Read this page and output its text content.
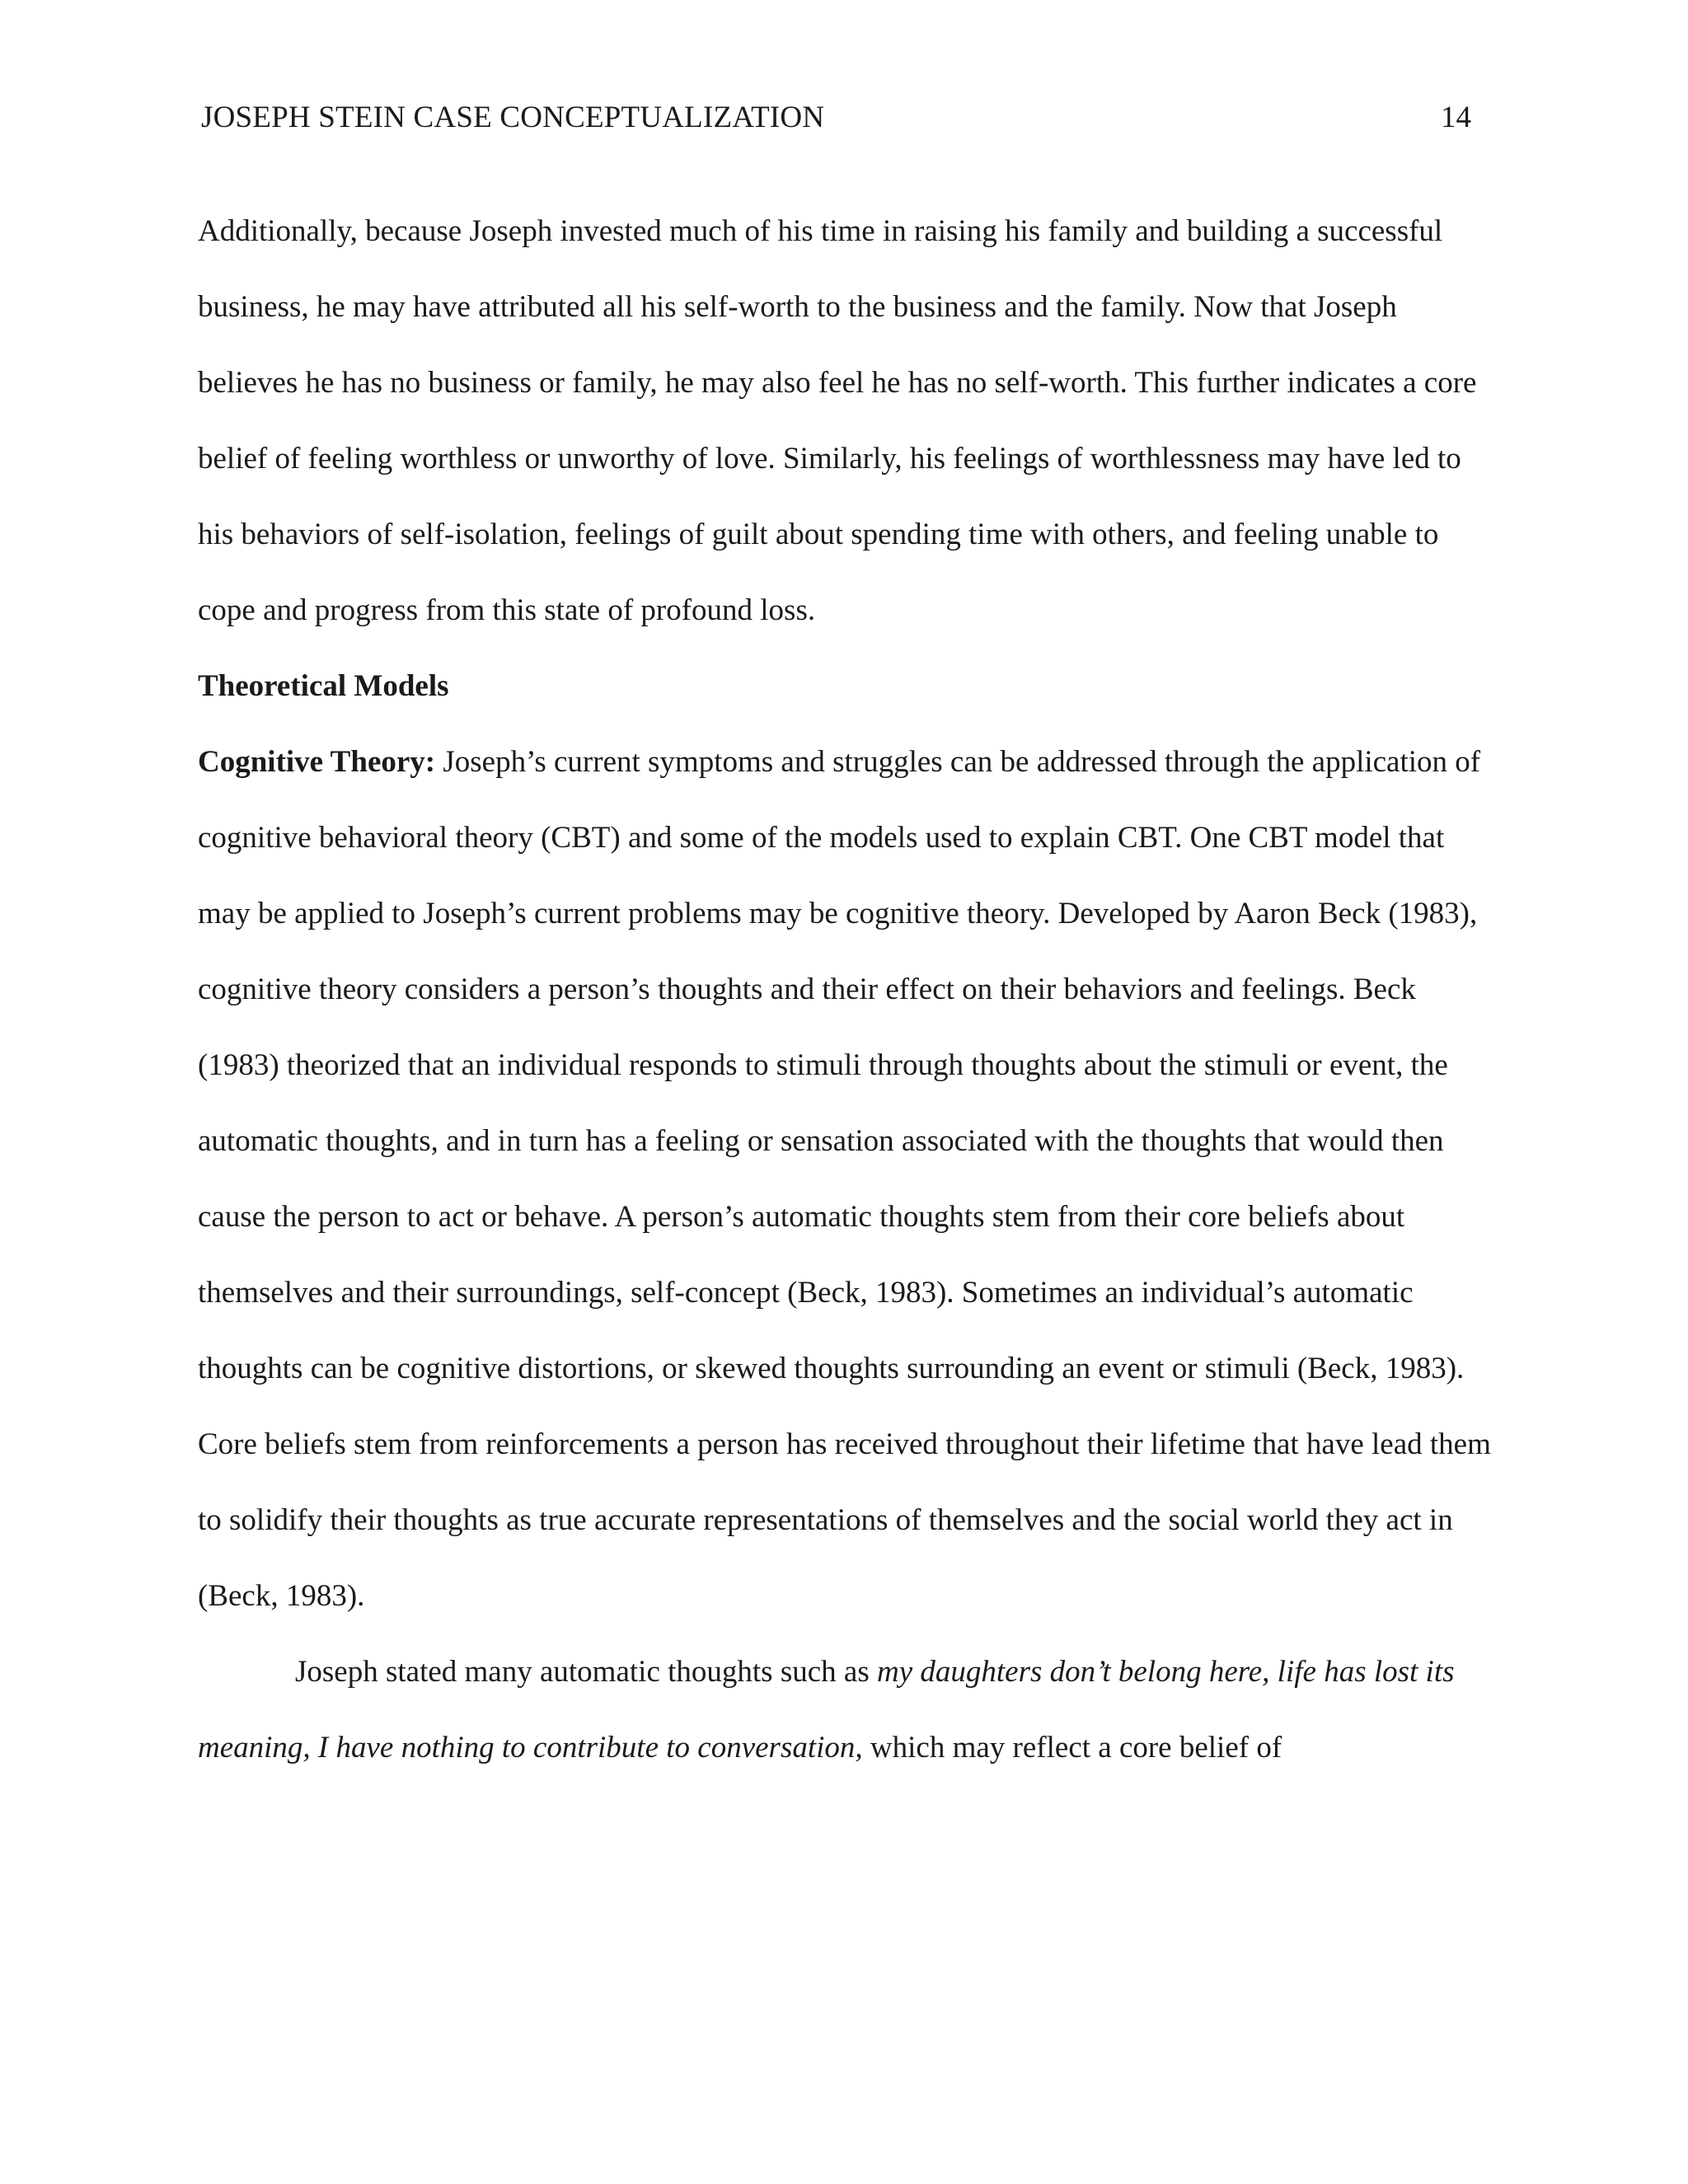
JOSEPH STEIN CASE CONCEPTUALIZATION	14

Additionally, because Joseph invested much of his time in raising his family and building a successful business, he may have attributed all his self-worth to the business and the family. Now that Joseph believes he has no business or family, he may also feel he has no self-worth. This further indicates a core belief of feeling worthless or unworthy of love. Similarly, his feelings of worthlessness may have led to his behaviors of self-isolation, feelings of guilt about spending time with others, and feeling unable to cope and progress from this state of profound loss.

Theoretical Models

Cognitive Theory: Joseph’s current symptoms and struggles can be addressed through the application of cognitive behavioral theory (CBT) and some of the models used to explain CBT. One CBT model that may be applied to Joseph’s current problems may be cognitive theory. Developed by Aaron Beck (1983), cognitive theory considers a person’s thoughts and their effect on their behaviors and feelings. Beck (1983) theorized that an individual responds to stimuli through thoughts about the stimuli or event, the automatic thoughts, and in turn has a feeling or sensation associated with the thoughts that would then cause the person to act or behave. A person’s automatic thoughts stem from their core beliefs about themselves and their surroundings, self-concept (Beck, 1983). Sometimes an individual’s automatic thoughts can be cognitive distortions, or skewed thoughts surrounding an event or stimuli (Beck, 1983). Core beliefs stem from reinforcements a person has received throughout their lifetime that have lead them to solidify their thoughts as true accurate representations of themselves and the social world they act in (Beck, 1983).

Joseph stated many automatic thoughts such as my daughters don’t belong here, life has lost its meaning, I have nothing to contribute to conversation, which may reflect a core belief of
